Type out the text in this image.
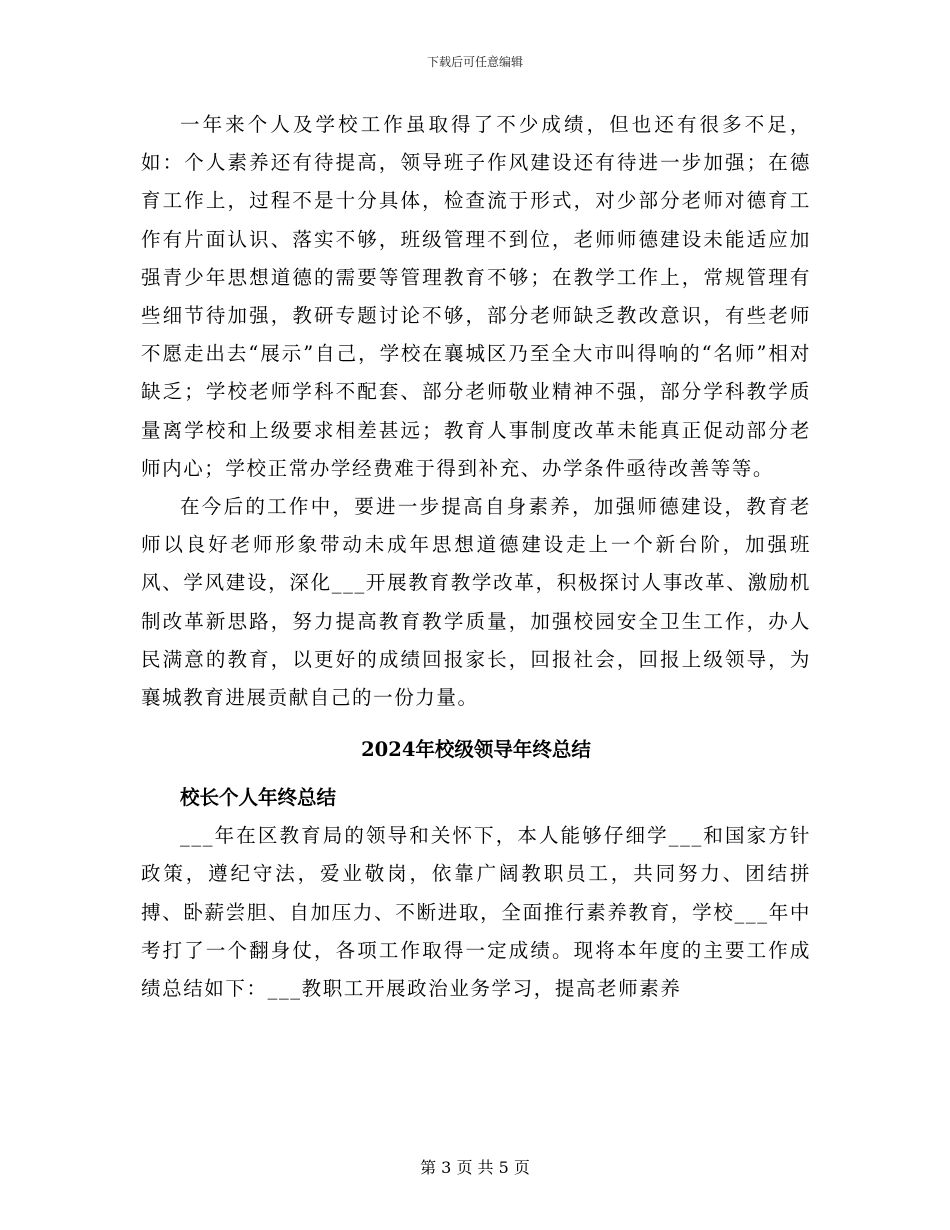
下载后可任意编辑

一年来个人及学校工作虽取得了不少成绩，但也还有很多不足，如：个人素养还有待提高，领导班子作风建设还有待进一步加强；在德育工作上，过程不是十分具体，检查流于形式，对少部分老师对德育工作有片面认识、落实不够，班级管理不到位，老师师德建设未能适应加强青少年思想道德的需要等管理教育不够；在教学工作上，常规管理有些细节待加强，教研专题讨论不够，部分老师缺乏教改意识，有些老师不愿走出去“展示”自己，学校在襄城区乃至全大市叫得响的“名师”相对缺乏；学校老师学科不配套、部分老师敬业精神不强，部分学科教学质量离学校和上级要求相差甚远；教育人事制度改革未能真正促动部分老师内心；学校正常办学经费难于得到补充、办学条件亟待改善等等。

在今后的工作中，要进一步提高自身素养，加强师德建设，教育老师以良好老师形象带动未成年思想道德建设走上一个新台阶，加强班风、学风建设，深化___开展教育教学改革，积极探讨人事改革、激励机制改革新思路，努力提高教育教学质量，加强校园安全卫生工作，办人民满意的教育，以更好的成绩回报家长，回报社会，回报上级领导，为襄城教育进展贡献自己的一份力量。

2024年校级领导年终总结

校长个人年终总结

___年在区教育局的领导和关怀下，本人能够仔细学___和国家方针政策，遵纪守法，爱业敬岗，依靠广阔教职员工，共同努力、团结拼搏、卧薪尝胆、自加压力、不断进取，全面推行素养教育，学校___年中考打了一个翻身仗，各项工作取得一定成绩。现将本年度的主要工作成绩总结如下：___教职工开展政治业务学习，提高老师素养

第 3 页 共 5 页
